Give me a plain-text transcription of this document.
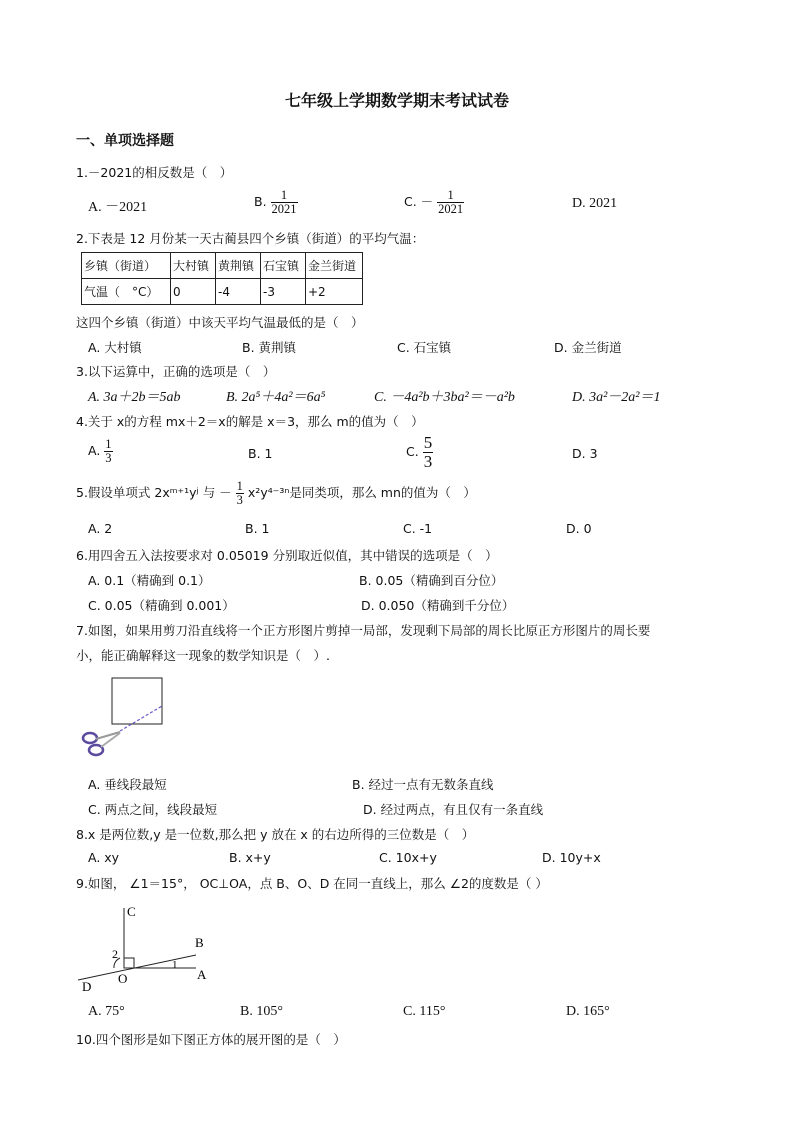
七年级上学期数学期末考试试卷
一、单项选择题
1.－2021的相反数是（　）
A. －2021	B. $\frac{1}{2021}$	C. － $\frac{1}{2021}$	D. 2021
2.下表是 12 月份某一天古蔺县四个乡镇（街道）的平均气温：
乡镇（街道）	大村镇	黄荆镇	石宝镇	金兰街道
气温（　°C）	0	-4	-3	+2
这四个乡镇（街道）中该天平均气温最低的是（　）
A. 大村镇	B. 黄荆镇	C. 石宝镇	D. 金兰街道
3.以下运算中，正确的选项是（　）
A. 3a＋2b＝5ab	B. 2a⁵＋4a²＝6a⁵	C. －4a²b＋3ba²＝－a²b	D. 3a²－2a²＝1
4.关于 x的方程 mx＋2＝x的解是 x＝3，那么 m的值为（　）
A. $\frac{1}{3}$	B. 1	C. $\frac{5}{3}$	D. 3
5.假设单项式 2xᵐ⁺¹yʲ 与 － $\frac{1}{3} x^2y^{4-3n}$是同类项，那么 mn的值为（　）
A. 2	B. 1	C. -1	D. 0
6.用四舍五入法按要求对 0.05019 分别取近似值，其中错误的选项是（　）
A. 0.1（精确到 0.1）	B. 0.05（精确到百分位）
C. 0.05（精确到 0.001）	D. 0.050（精确到千分位）
7.如图，如果用剪刀沿直线将一个正方形图片剪掉一局部，发现剩下局部的周长比原正方形图片的周长要
小，能正确解释这一现象的数学知识是（　）.
A. 垂线段最短	B. 经过一点有无数条直线
C. 两点之间，线段最短	D. 经过两点，有且仅有一条直线
8.x 是两位数,y 是一位数,那么把 y 放在 x 的右边所得的三位数是（　）
A. xy	B. x+y	C. 10x+y	D. 10y+x
9.如图， ∠1＝15°， OC⊥OA，点 B、O、D 在同一直线上，那么 ∠2的度数是（ ）
C
B
A
O
D
1
2
A. 75°	B. 105°	C. 115°	D. 165°
10.四个图形是如下图正方体的展开图的是（　）
